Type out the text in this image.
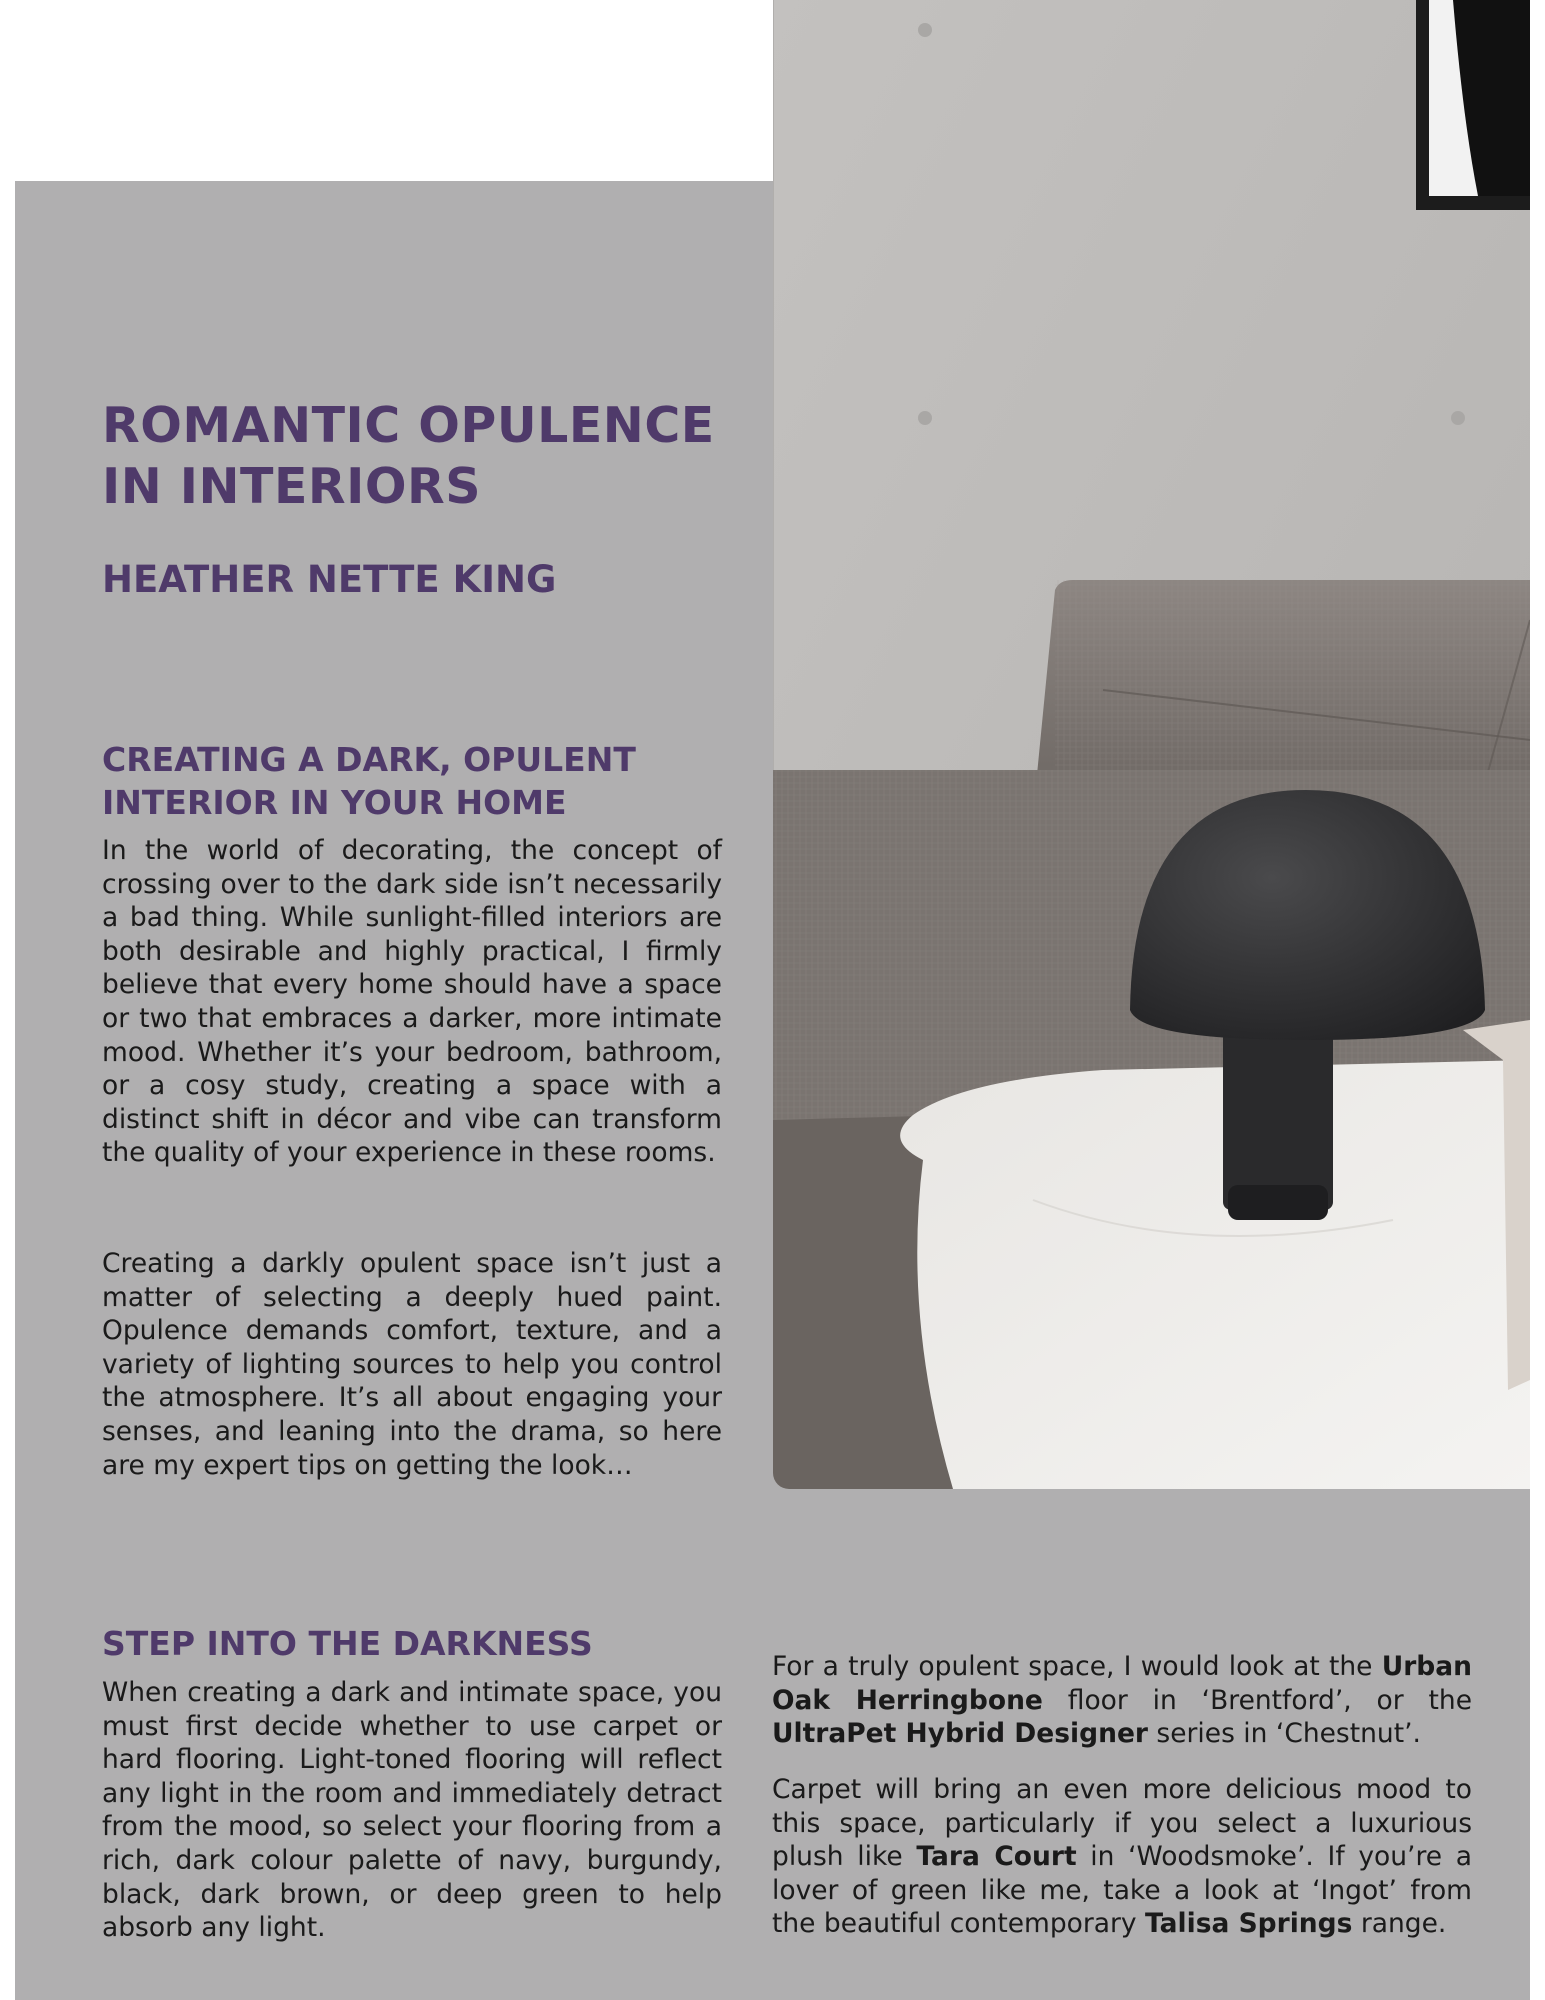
ROMANTIC OPULENCE
IN INTERIORS
HEATHER NETTE KING
CREATING A DARK, OPULENT
INTERIOR IN YOUR HOME

In the world of decorating, the concept of crossing over to the dark side isn’t necessarily a bad thing. While sunlight-filled interiors are both desirable and highly practical, I firmly believe that every home should have a space or two that embraces a darker, more intimate mood. Whether it’s your bedroom, bathroom, or a cosy study, creating a space with a distinct shift in décor and vibe can transform the quality of your experience in these rooms.

Creating a darkly opulent space isn’t just a matter of selecting a deeply hued paint. Opulence demands comfort, texture, and a variety of lighting sources to help you control the atmosphere. It’s all about engaging your senses, and leaning into the drama, so here are my expert tips on getting the look…

STEP INTO THE DARKNESS

When creating a dark and intimate space, you must first decide whether to use carpet or hard flooring. Light-toned flooring will reflect any light in the room and immediately detract from the mood, so select your flooring from a rich, dark colour palette of navy, burgundy, black, dark brown, or deep green to help absorb any light.

For a truly opulent space, I would look at the Urban Oak Herringbone floor in ‘Brentford’, or the UltraPet Hybrid Designer series in ‘Chestnut’.

Carpet will bring an even more delicious mood to this space, particularly if you select a luxurious plush like Tara Court in ‘Woodsmoke’. If you’re a lover of green like me, take a look at ‘Ingot’ from the beautiful contemporary Talisa Springs range.
